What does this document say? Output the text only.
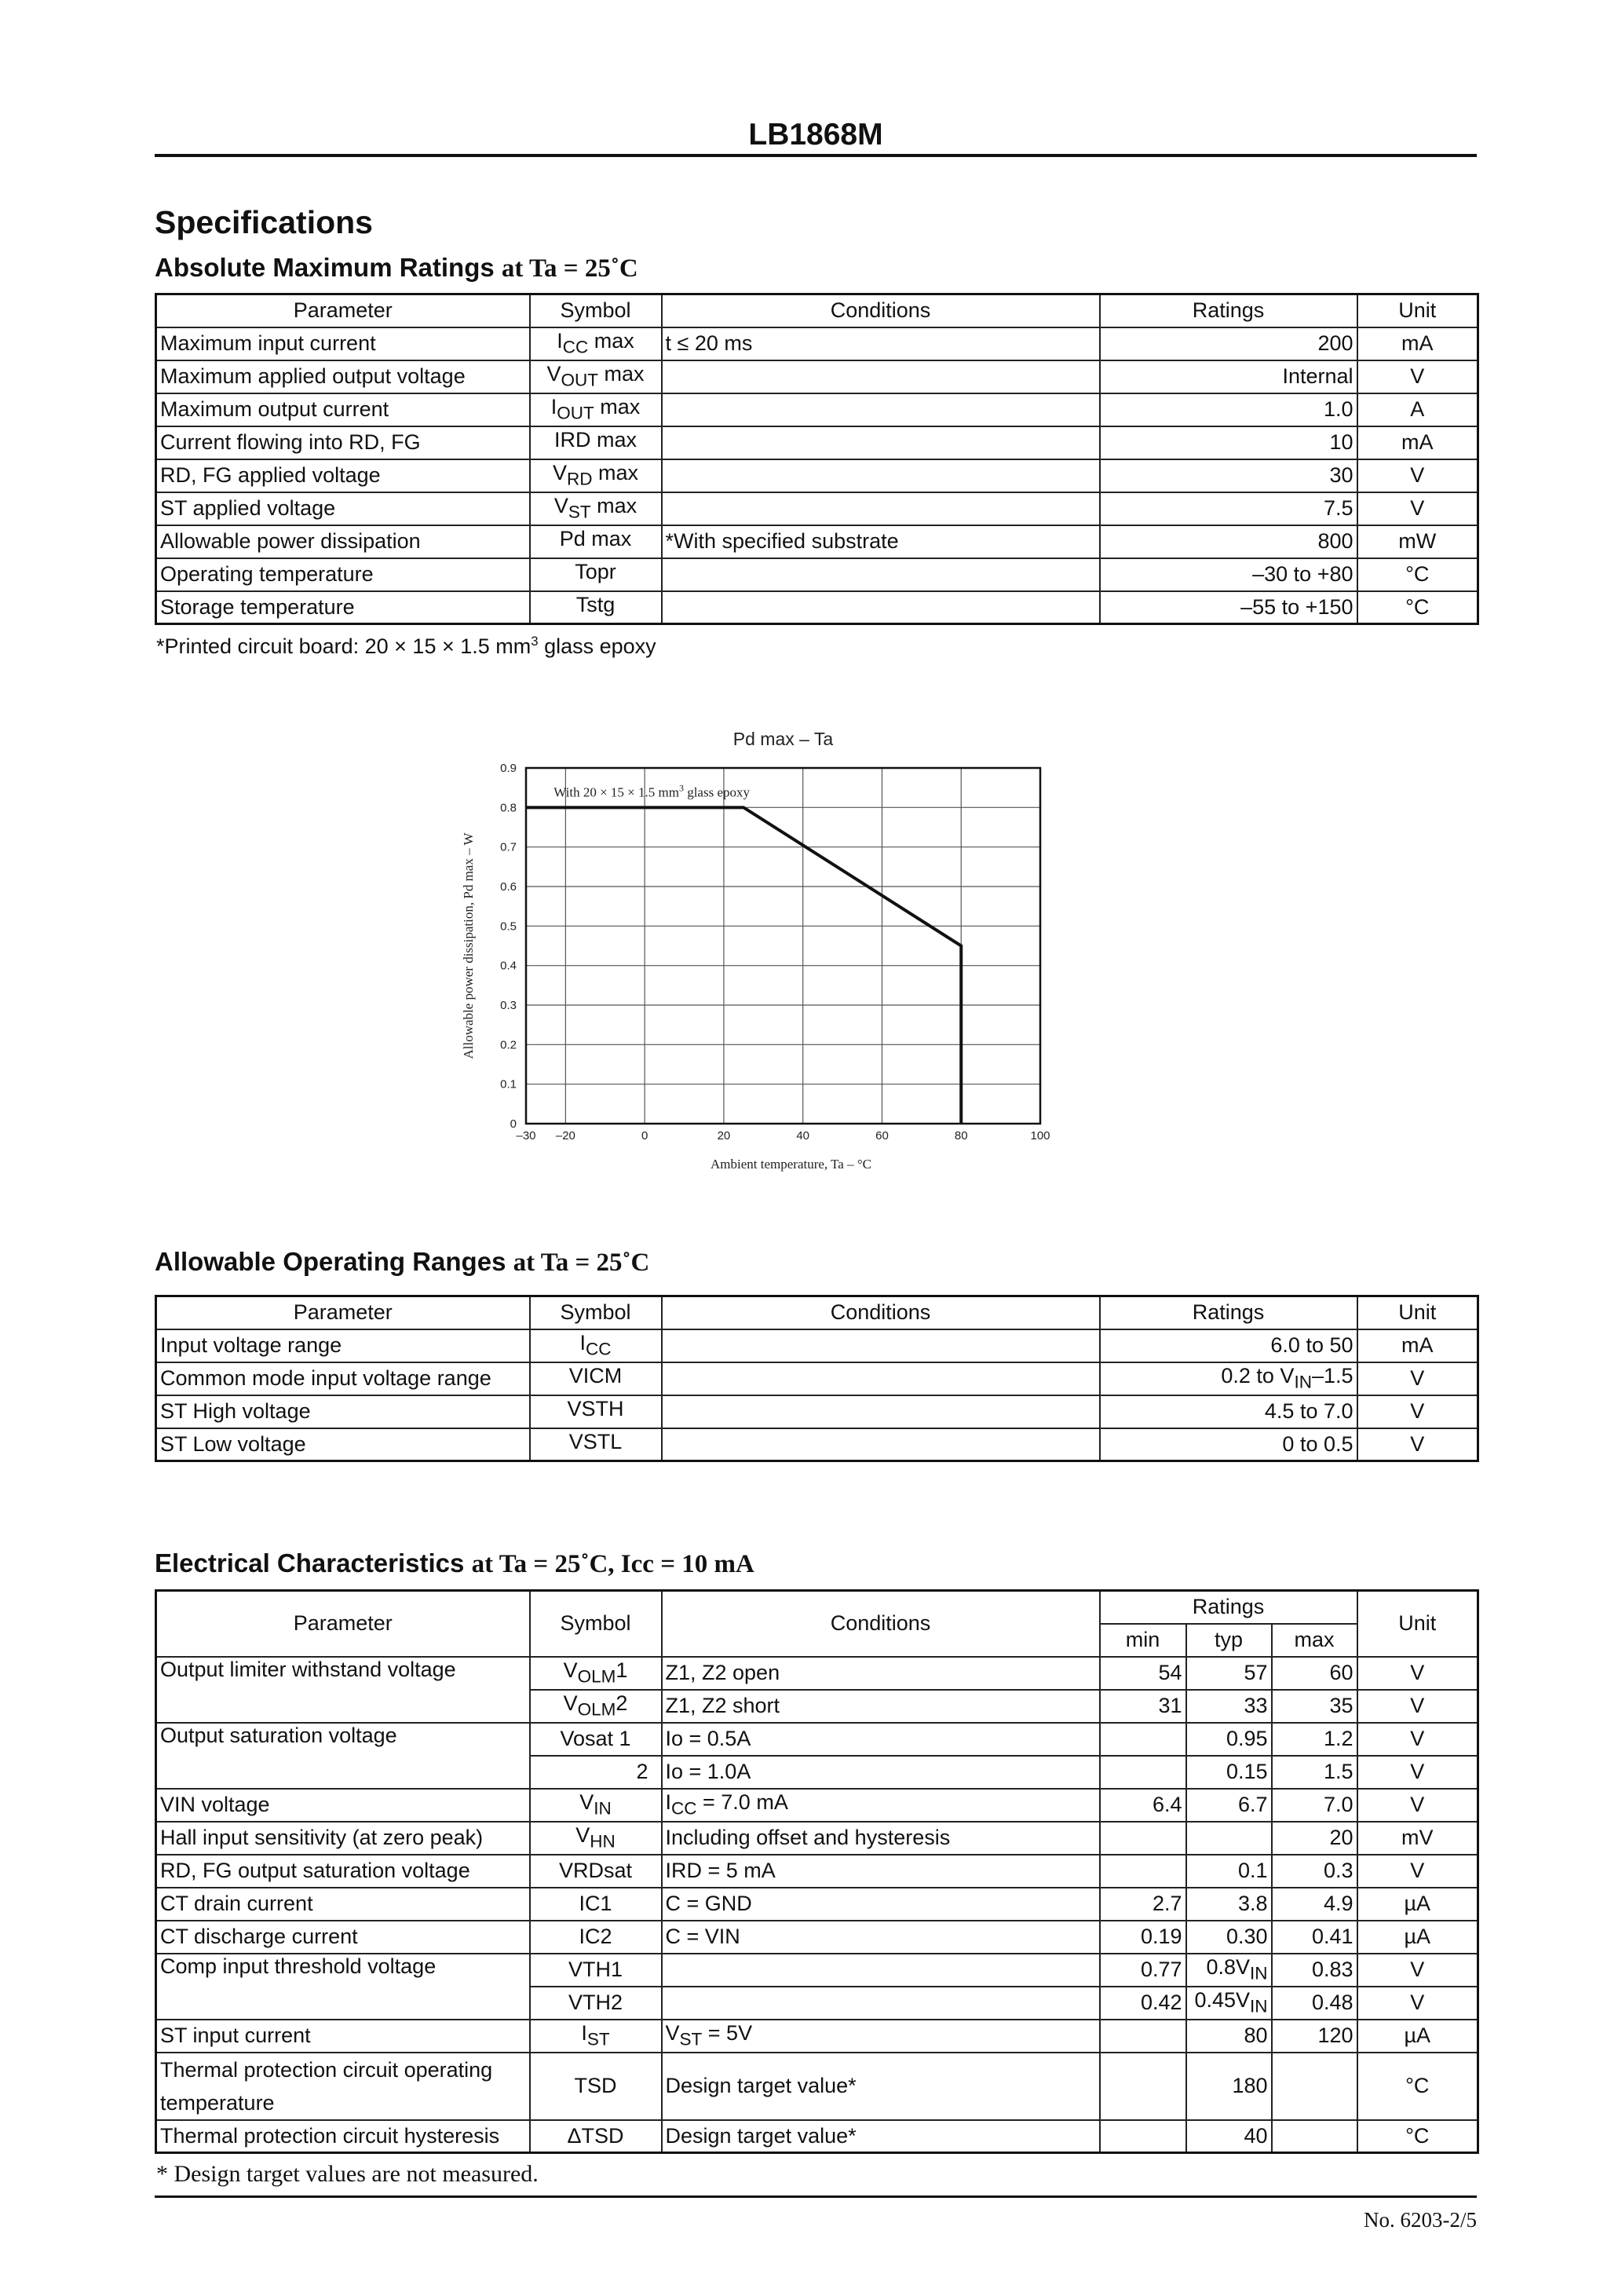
LB1868M
Specifications
Absolute Maximum Ratings at Ta = 25˚C
Parameter	Symbol	Conditions	Ratings	Unit
Maximum input current	$I_{CC}$ max	t ≤ 20 ms	200	mA
Maximum applied output voltage	$V_{OUT}$ max		Internal	V
Maximum output current	$I_{OUT}$ max		1.0	A
Current flowing into RD, FG	IRD max		10	mA
RD, FG applied voltage	$V_{RD}$ max		30	V
ST applied voltage	$V_{ST}$ max		7.5	V
Allowable power dissipation	Pd max	*With specified substrate	800	mW
Operating temperature	Topr		–30 to +80	°C
Storage temperature	Tstg		–55 to +150	°C
*Printed circuit board: 20 × 15 × 1.5 $mm^3$ glass epoxy
Pd max – Ta
–30 –20	0	20	40	60	80	100
0
0.1
0.2
0.3
0.4
0.5
0.6
0.7
0.8
0.9
Ambient temperature, Ta – °C
Allowable power dissipation, Pd max – W
With 20 × 15 × 1.5 $mm^3$ glass epoxy
Allowable Operating Ranges at Ta = 25˚C
Parameter	Symbol	Conditions	Ratings	Unit
Input voltage range	$I_{CC}$		6.0 to 50	mA
Common mode input voltage range	VICM		0.2 to $V_{IN}-1.5$	V
ST High voltage	VSTH		4.5 to 7.0	V
ST Low voltage	VSTL		0 to 0.5	V
Electrical Characteristics at Ta = 25˚C, Icc = 10 mA
Parameter	Symbol	Conditions	Ratings			Unit
			min	typ	max	
Output limiter withstand voltage	$V_{OLM}1$	Z1, Z2 open	54	57	60	V
	$V_{OLM}2$	Z1, Z2 short	31	33	35	V
Output saturation voltage	Vosat 1	Io = 0.5A		0.95	1.2	V
	2	Io = 1.0A		0.15	1.5	V
VIN voltage	$V_{IN}$	$I_{CC} = 7.0$ mA	6.4	6.7	7.0	V
Hall input sensitivity (at zero peak)	$V_{HN}$	Including offset and hysteresis			20	mV
RD, FG output saturation voltage	VRDsat	IRD = 5 mA		0.1	0.3	V
CT drain current	IC1	C = GND	2.7	3.8	4.9	µA
CT discharge current	IC2	C = VIN	0.19	0.30	0.41	µA
Comp input threshold voltage	VTH1		0.77	$0.8V_{IN}$	0.83	V
	VTH2		0.42	$0.45V_{IN}$	0.48	V
ST input current	$I_{ST}$	$V_{ST} = 5V$		80	120	µA

Thermal protection circuit operating
temperature	TSD	Design target value*		180		°C
Thermal protection circuit hysteresis	ΔTSD	Design target value*		40		°C
* Design target values are not measured.
No. 6203-2/5
